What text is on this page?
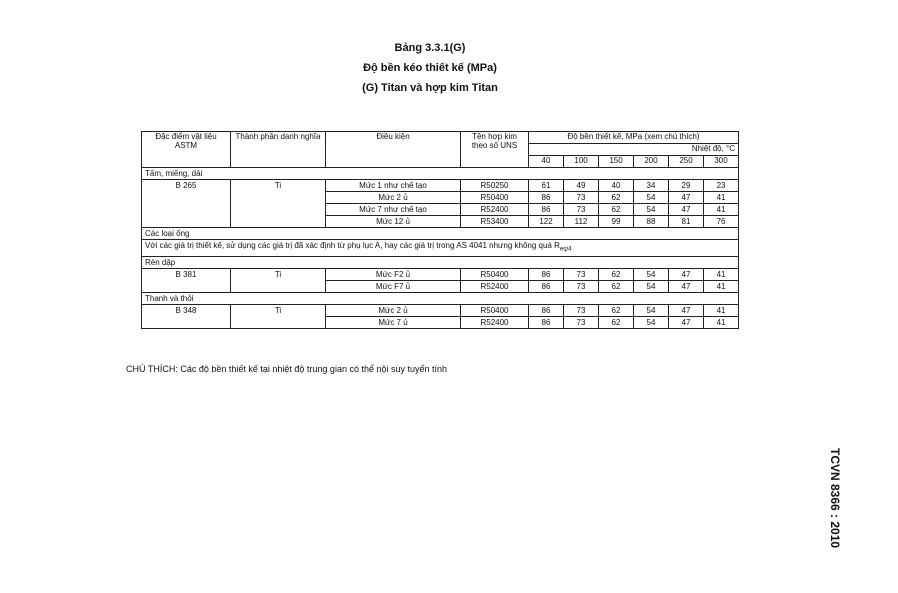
Bảng 3.3.1(G)
Độ bền kéo thiết kế (MPa)
(G) Titan và hợp kim Titan
Đặc điểm vật liệu ASTM	Thành phần danh nghĩa	Điều kiện	Tên hợp kim theo số UNS	Độ bền thiết kế, MPa (xem chú thích)					
				Nhiệt độ, °C					
				40	100	150	200	250	300
Tấm, miếng, dải									
B 265	Ti	Mức 1 như chế tạo	R50250	61	49	40	34	29	23
		Mức 2 ủ	R50400	86	73	62	54	47	41
		Mức 7 như chế tạo	R52400	86	73	62	54	47	41
		Mức 12 ủ	R53400	122	112	99	88	81	76
Các loại ống									
Với các giá trị thiết kế, sử dụng các giá trị đã xác định từ phụ lục A, hay các giá trị trong AS 4041 nhưng không quá $R_{eq/4}$
Rèn dập									
B 381	Ti	Mức F2 ủ	R50400	86	73	62	54	47	41
		Mức F7 ủ	R52400	86	73	62	54	47	41
Thanh và thỏi									
B 348	Ti	Mức 2 ủ	R50400	86	73	62	54	47	41
		Mức 7 ủ	R52400	86	73	62	54	47	41
CHÚ THÍCH: Các độ bền thiết kế tại nhiệt độ trung gian có thể nội suy tuyến tính
TCVN 8366 : 2010
